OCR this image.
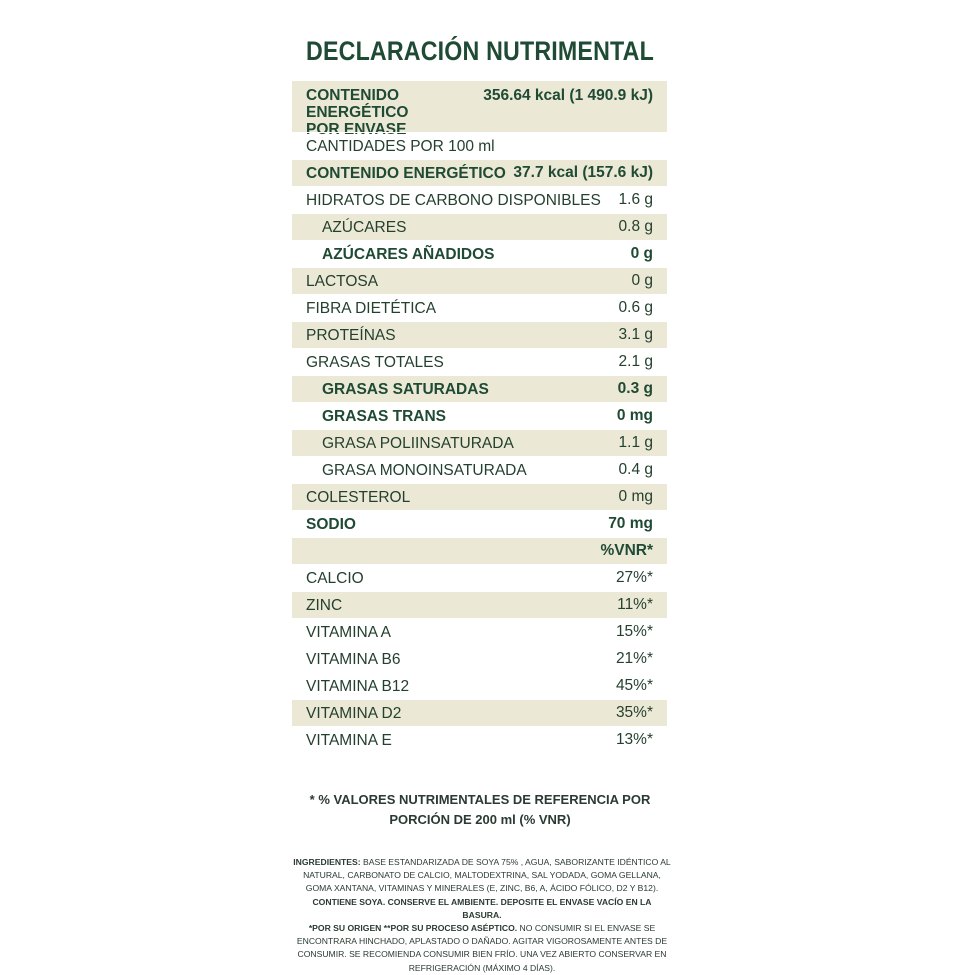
DECLARACIÓN NUTRIMENTAL
CONTENIDO ENERGÉTICO
POR ENVASE
356.64 kcal (1 490.9 kJ)
CANTIDADES POR 100 ml
CONTENIDO ENERGÉTICO 37.7 kcal (157.6 kJ)
HIDRATOS DE CARBONO DISPONIBLES 1.6 g
AZÚCARES	0.8 g
AZÚCARES AÑADIDOS	0 g
LACTOSA	0 g
FIBRA DIETÉTICA	0.6 g
PROTEÍNAS	3.1 g
GRASAS TOTALES	2.1 g
GRASAS SATURADAS	0.3 g
GRASAS TRANS	0 mg
GRASA POLIINSATURADA	1.1 g
GRASA MONOINSATURADA	0.4 g
COLESTEROL	0 mg
SODIO	70 mg
%VNR*
CALCIO	27%*
ZINC	11%*
VITAMINA A	15%*
VITAMINA B6	21%*
VITAMINA B12	45%*
VITAMINA D2	35%*
VITAMINA E	13%*
* % VALORES NUTRIMENTALES DE REFERENCIA POR
PORCIÓN DE 200 ml (% VNR)
INGREDIENTES: BASE ESTANDARIZADA DE SOYA 75% , AGUA, SABORIZANTE IDÉNTICO AL NATURAL, CARBONATO DE CALCIO, MALTODEXTRINA, SAL YODADA, GOMA GELLANA, GOMA XANTANA, VITAMINAS Y MINERALES (E, ZINC, B6, A, ÁCIDO FÓLICO, D2 Y B12). CONTIENE SOYA. CONSERVE EL AMBIENTE. DEPOSITE EL ENVASE VACÍO EN LA BASURA.
*POR SU ORIGEN **POR SU PROCESO ASÉPTICO. NO CONSUMIR SI EL ENVASE SE ENCONTRARA HINCHADO, APLASTADO O DAÑADO. AGITAR VIGOROSAMENTE ANTES DE CONSUMIR. SE RECOMIENDA CONSUMIR BIEN FRÍO. UNA VEZ ABIERTO CONSERVAR EN REFRIGERACIÓN (MÁXIMO 4 DÍAS).
